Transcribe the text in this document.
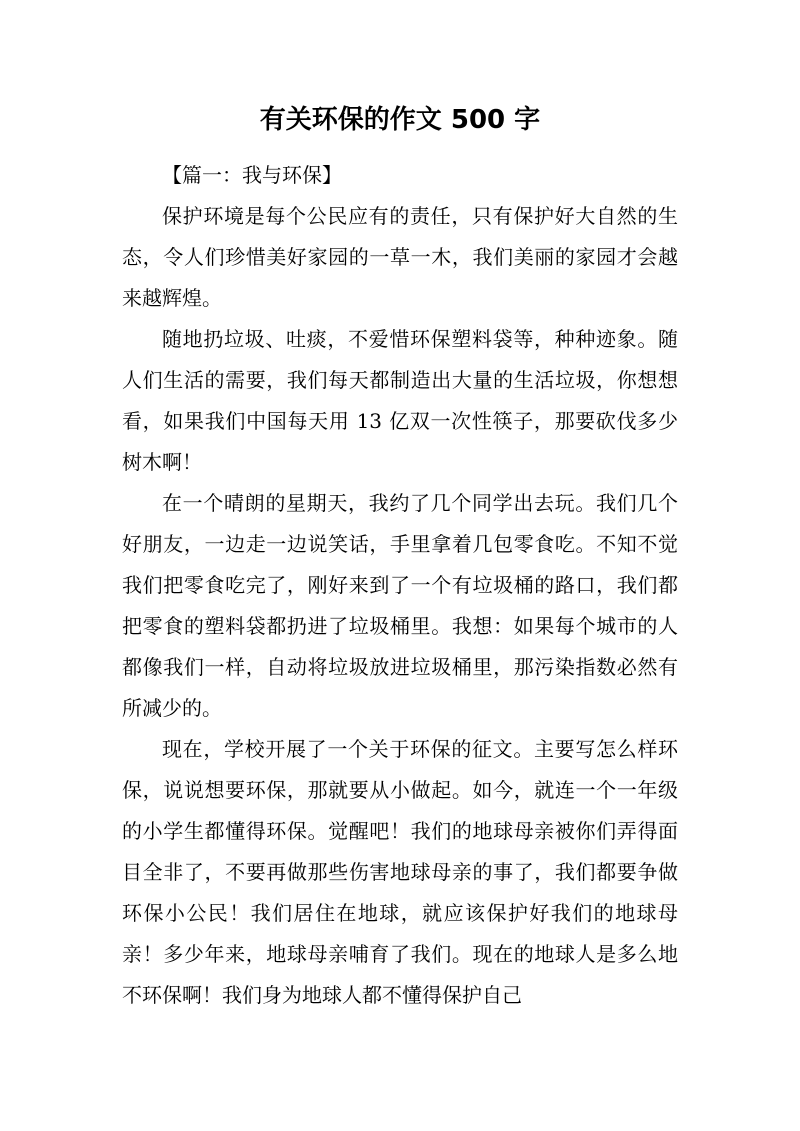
有关环保的作文 500 字

【篇一：我与环保】

保护环境是每个公民应有的责任，只有保护好大自然的生态，令人们珍惜美好家园的一草一木，我们美丽的家园才会越来越辉煌。

随地扔垃圾、吐痰，不爱惜环保塑料袋等，种种迹象。随人们生活的需要，我们每天都制造出大量的生活垃圾，你想想看，如果我们中国每天用 13 亿双一次性筷子，那要砍伐多少树木啊！

在一个晴朗的星期天，我约了几个同学出去玩。我们几个好朋友，一边走一边说笑话，手里拿着几包零食吃。不知不觉我们把零食吃完了，刚好来到了一个有垃圾桶的路口，我们都把零食的塑料袋都扔进了垃圾桶里。我想：如果每个城市的人都像我们一样，自动将垃圾放进垃圾桶里，那污染指数必然有所减少的。

现在，学校开展了一个关于环保的征文。主要写怎么样环保，说说想要环保，那就要从小做起。如今，就连一个一年级的小学生都懂得环保。觉醒吧！我们的地球母亲被你们弄得面目全非了，不要再做那些伤害地球母亲的事了，我们都要争做环保小公民！我们居住在地球，就应该保护好我们的地球母亲！多少年来，地球母亲哺育了我们。现在的地球人是多么地不环保啊！我们身为地球人都不懂得保护自己
